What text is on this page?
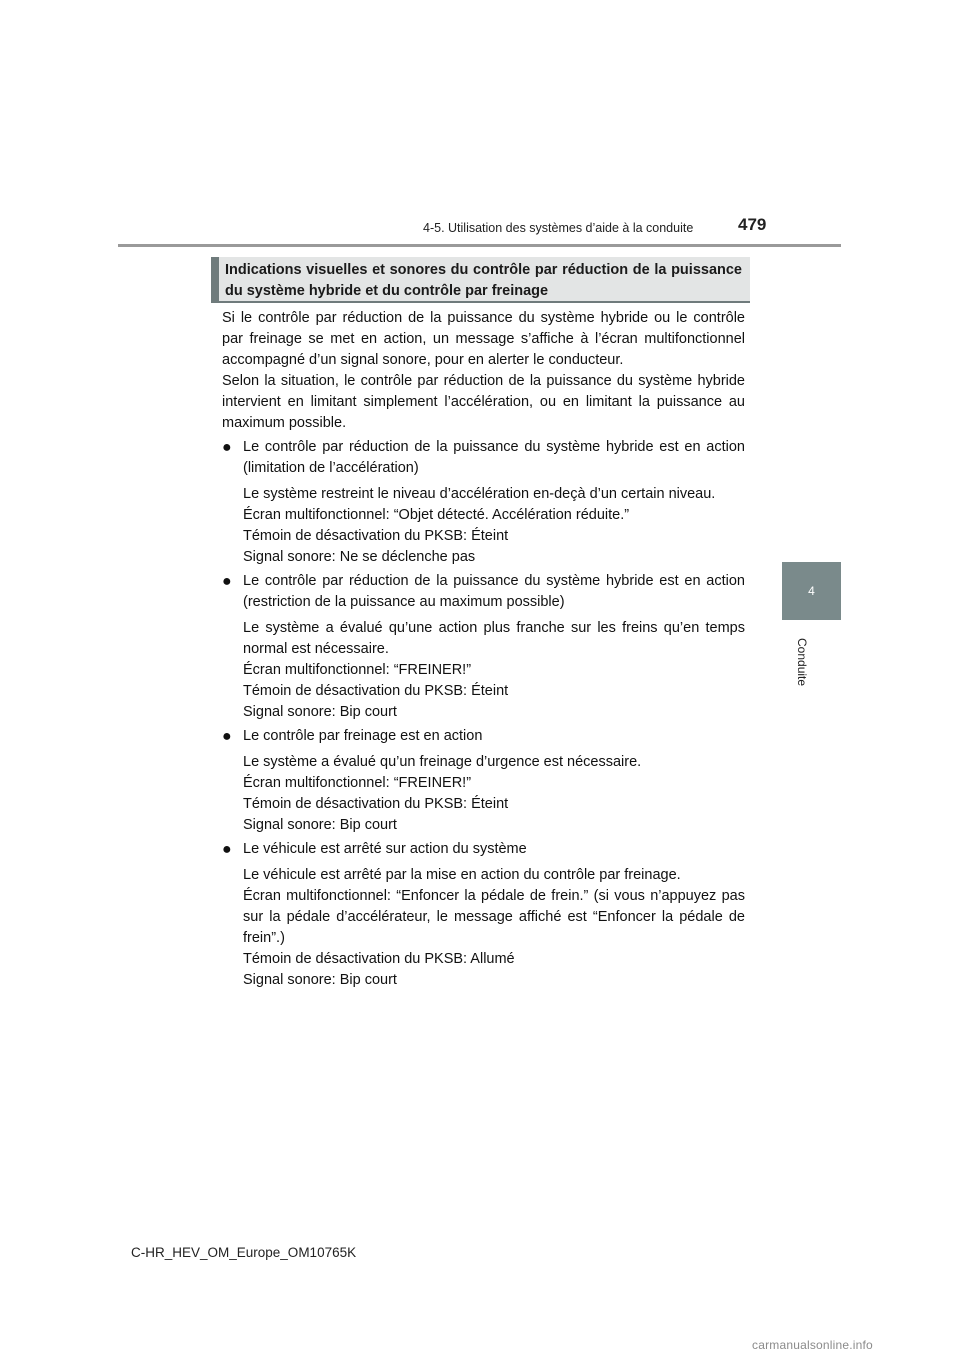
4-5. Utilisation des systèmes d’aide à la conduite	479
4
Conduite
Indications visuelles et sonores du contrôle par réduction de la puissance du système hybride et du contrôle par freinage

Si le contrôle par réduction de la puissance du système hybride ou le contrôle par freinage se met en action, un message s’affiche à l’écran multifonctionnel accompagné d’un signal sonore, pour en alerter le conducteur.

Selon la situation, le contrôle par réduction de la puissance du système hybride intervient en limitant simplement l’accélération, ou en limitant la puissance au maximum possible.

● Le contrôle par réduction de la puissance du système hybride est en action (limitation de l’accélération)
Le système restreint le niveau d’accélération en-deçà d’un certain niveau.
Écran multifonctionnel: “Objet détecté. Accélération réduite.”
Témoin de désactivation du PKSB: Éteint
Signal sonore: Ne se déclenche pas
● Le contrôle par réduction de la puissance du système hybride est en action (restriction de la puissance au maximum possible)
Le système a évalué qu’une action plus franche sur les freins qu’en temps normal est nécessaire.
Écran multifonctionnel: “FREINER!”
Témoin de désactivation du PKSB: Éteint
Signal sonore: Bip court
● Le contrôle par freinage est en action
Le système a évalué qu’un freinage d’urgence est nécessaire.
Écran multifonctionnel: “FREINER!”
Témoin de désactivation du PKSB: Éteint
Signal sonore: Bip court
● Le véhicule est arrêté sur action du système
Le véhicule est arrêté par la mise en action du contrôle par freinage.
Écran multifonctionnel: “Enfoncer la pédale de frein.” (si vous n’appuyez pas sur la pédale d’accélérateur, le message affiché est “Enfoncer la pédale de frein”.)
Témoin de désactivation du PKSB: Allumé
Signal sonore: Bip court
C-HR_HEV_OM_Europe_OM10765K
carmanualsonline.info
